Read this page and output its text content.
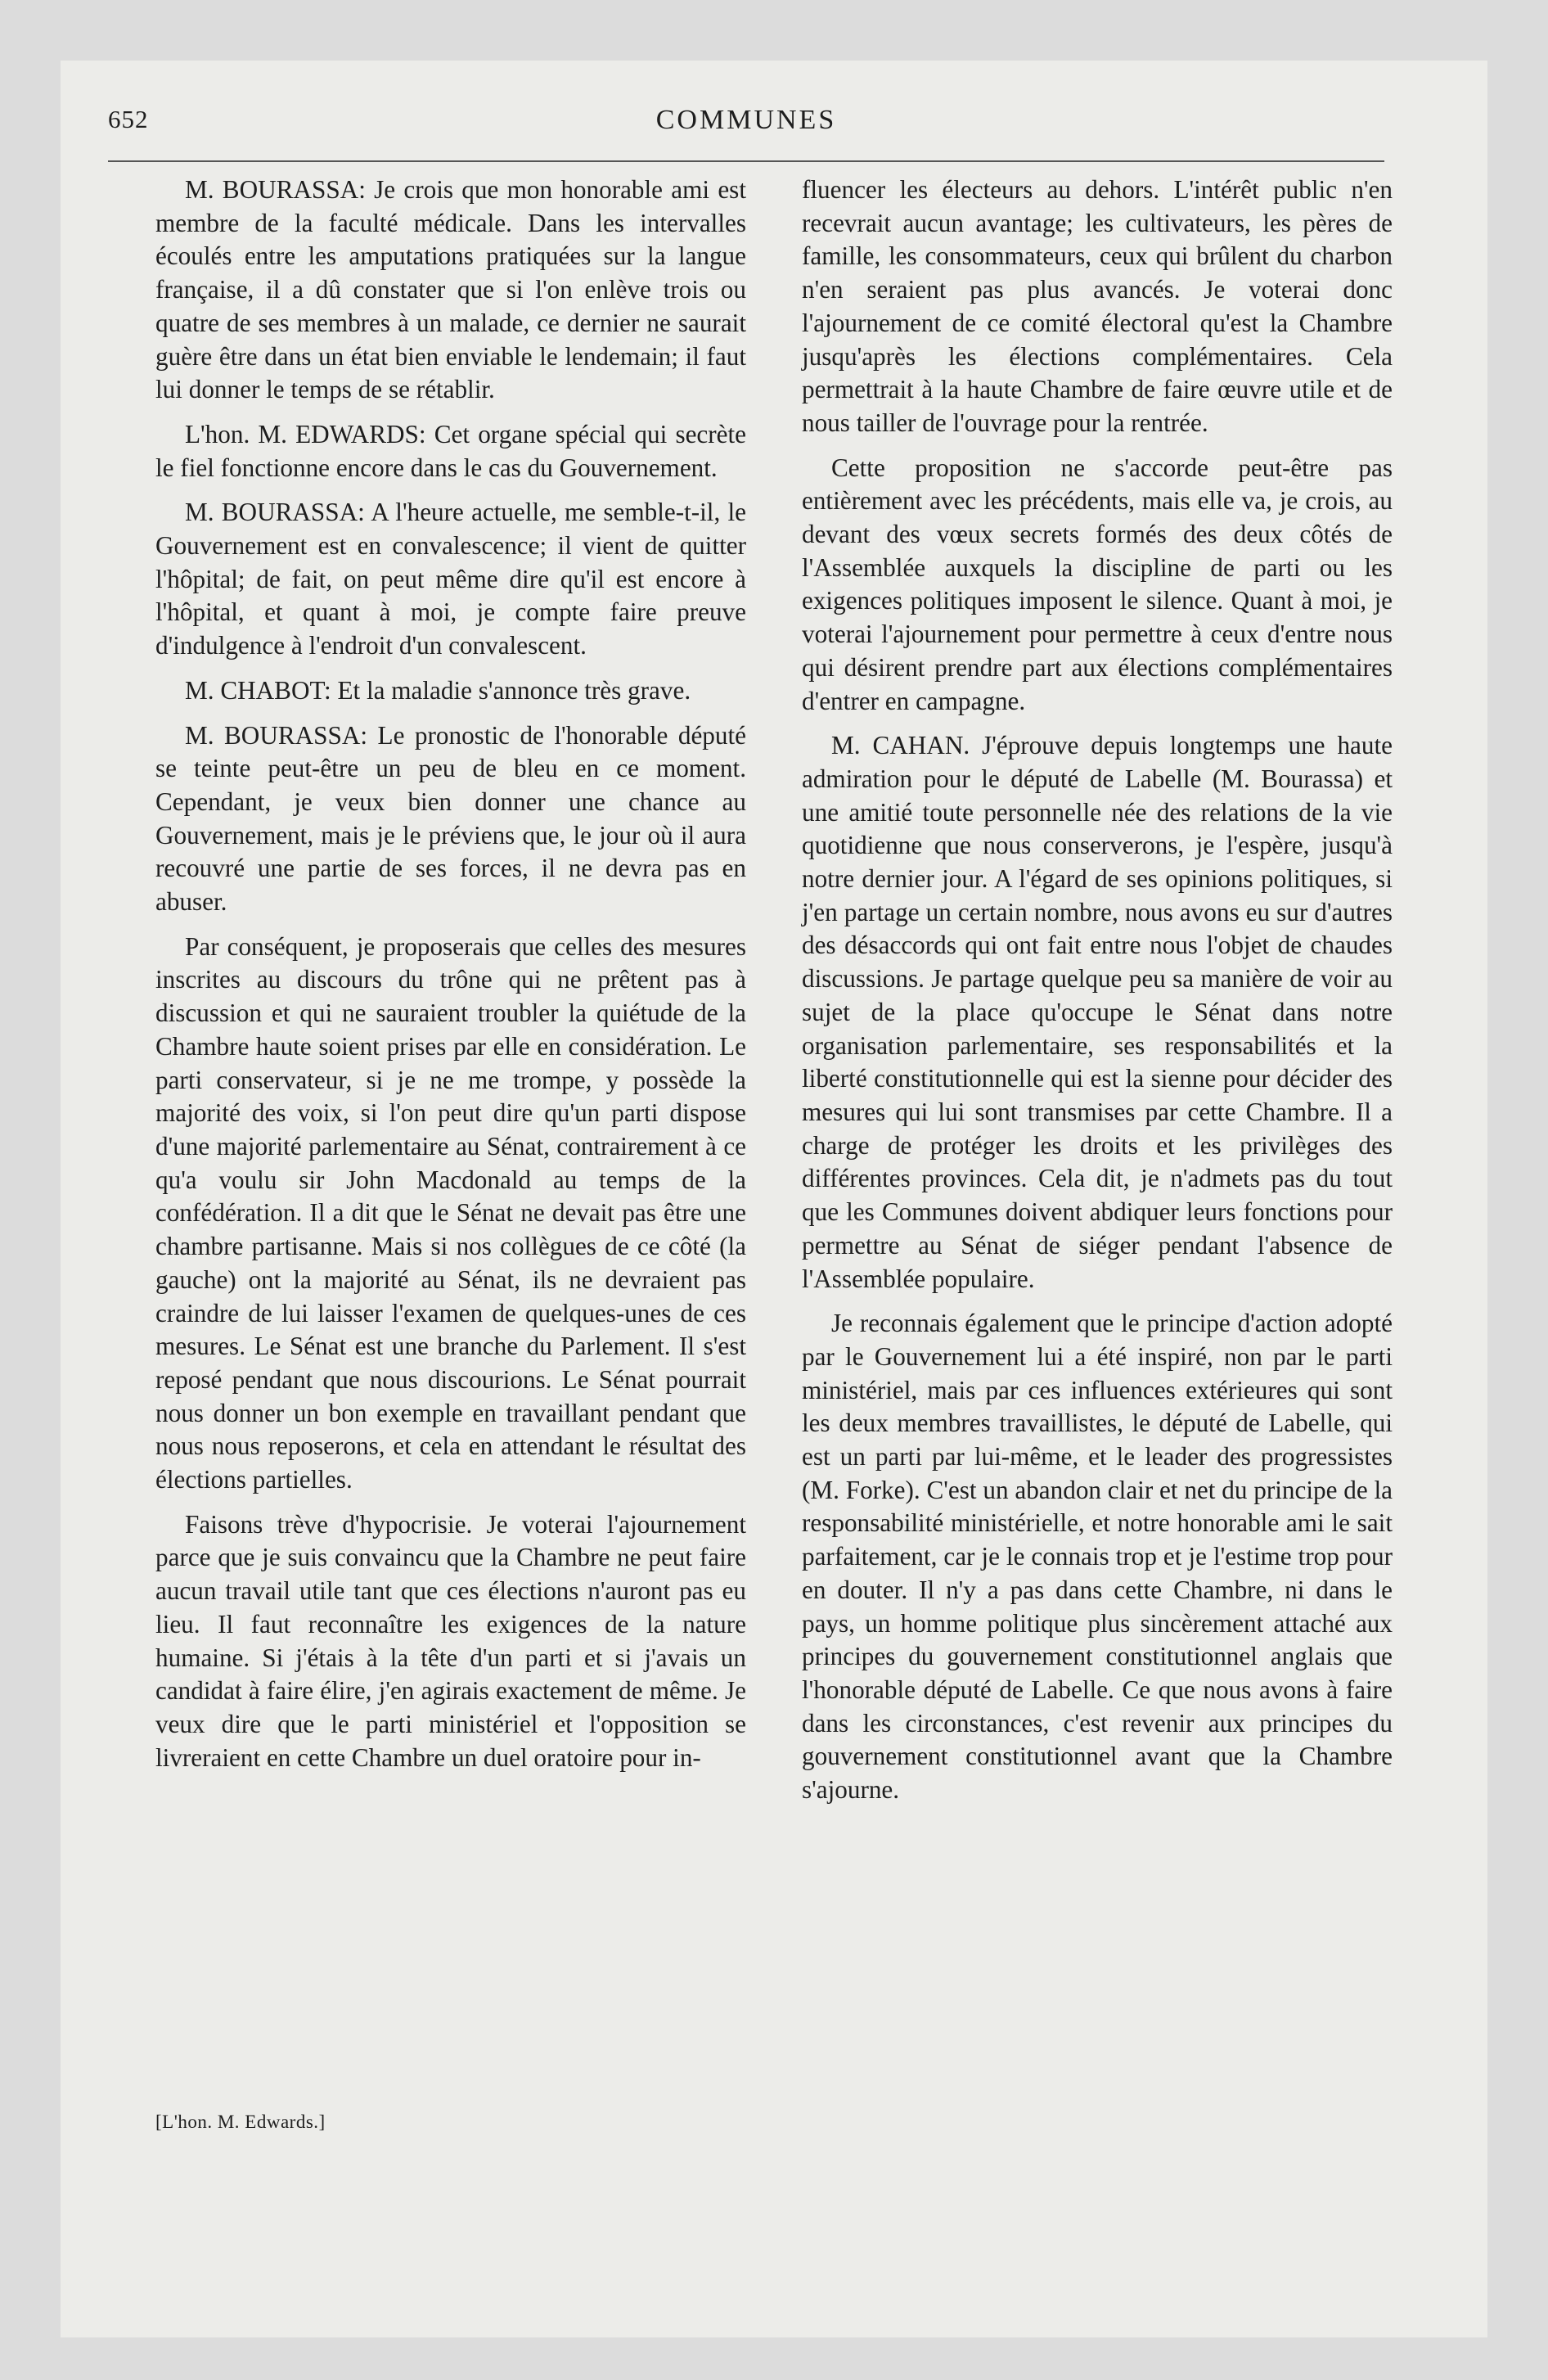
652	COMMUNES

M. BOURASSA: Je crois que mon honorable ami est membre de la faculté médicale. Dans les intervalles écoulés entre les amputations pratiquées sur la langue française, il a dû constater que si l'on enlève trois ou quatre de ses membres à un malade, ce dernier ne saurait guère être dans un état bien enviable le lendemain; il faut lui donner le temps de se rétablir.

L'hon. M. EDWARDS: Cet organe spécial qui secrète le fiel fonctionne encore dans le cas du Gouvernement.

M. BOURASSA: A l'heure actuelle, me semble-t-il, le Gouvernement est en convalescence; il vient de quitter l'hôpital; de fait, on peut même dire qu'il est encore à l'hôpital, et quant à moi, je compte faire preuve d'indulgence à l'endroit d'un convalescent.

M. CHABOT: Et la maladie s'annonce très grave.

M. BOURASSA: Le pronostic de l'honorable député se teinte peut-être un peu de bleu en ce moment. Cependant, je veux bien donner une chance au Gouvernement, mais je le préviens que, le jour où il aura recouvré une partie de ses forces, il ne devra pas en abuser.

Par conséquent, je proposerais que celles des mesures inscrites au discours du trône qui ne prêtent pas à discussion et qui ne sauraient troubler la quiétude de la Chambre haute soient prises par elle en considération. Le parti conservateur, si je ne me trompe, y possède la majorité des voix, si l'on peut dire qu'un parti dispose d'une majorité parlementaire au Sénat, contrairement à ce qu'a voulu sir John Macdonald au temps de la confédération. Il a dit que le Sénat ne devait pas être une chambre partisanne. Mais si nos collègues de ce côté (la gauche) ont la majorité au Sénat, ils ne devraient pas craindre de lui laisser l'examen de quelques-unes de ces mesures. Le Sénat est une branche du Parlement. Il s'est reposé pendant que nous discourions. Le Sénat pourrait nous donner un bon exemple en travaillant pendant que nous nous reposerons, et cela en attendant le résultat des élections partielles.

Faisons trève d'hypocrisie. Je voterai l'ajournement parce que je suis convaincu que la Chambre ne peut faire aucun travail utile tant que ces élections n'auront pas eu lieu. Il faut reconnaître les exigences de la nature humaine. Si j'étais à la tête d'un parti et si j'avais un candidat à faire élire, j'en agirais exactement de même. Je veux dire que le parti ministériel et l'opposition se livreraient en cette Chambre un duel oratoire pour in-

[L'hon. M. Edwards.]

fluencer les électeurs au dehors. L'intérêt public n'en recevrait aucun avantage; les cultivateurs, les pères de famille, les consommateurs, ceux qui brûlent du charbon n'en seraient pas plus avancés. Je voterai donc l'ajournement de ce comité électoral qu'est la Chambre jusqu'après les élections complémentaires. Cela permettrait à la haute Chambre de faire œuvre utile et de nous tailler de l'ouvrage pour la rentrée.

Cette proposition ne s'accorde peut-être pas entièrement avec les précédents, mais elle va, je crois, au devant des vœux secrets formés des deux côtés de l'Assemblée auxquels la discipline de parti ou les exigences politiques imposent le silence. Quant à moi, je voterai l'ajournement pour permettre à ceux d'entre nous qui désirent prendre part aux élections complémentaires d'entrer en campagne.

M. CAHAN. J'éprouve depuis longtemps une haute admiration pour le député de Labelle (M. Bourassa) et une amitié toute personnelle née des relations de la vie quotidienne que nous conserverons, je l'espère, jusqu'à notre dernier jour. A l'égard de ses opinions politiques, si j'en partage un certain nombre, nous avons eu sur d'autres des désaccords qui ont fait entre nous l'objet de chaudes discussions. Je partage quelque peu sa manière de voir au sujet de la place qu'occupe le Sénat dans notre organisation parlementaire, ses responsabilités et la liberté constitutionnelle qui est la sienne pour décider des mesures qui lui sont transmises par cette Chambre. Il a charge de protéger les droits et les privilèges des différentes provinces. Cela dit, je n'admets pas du tout que les Communes doivent abdiquer leurs fonctions pour permettre au Sénat de siéger pendant l'absence de l'Assemblée populaire.

Je reconnais également que le principe d'action adopté par le Gouvernement lui a été inspiré, non par le parti ministériel, mais par ces influences extérieures qui sont les deux membres travaillistes, le député de Labelle, qui est un parti par lui-même, et le leader des progressistes (M. Forke). C'est un abandon clair et net du principe de la responsabilité ministérielle, et notre honorable ami le sait parfaitement, car je le connais trop et je l'estime trop pour en douter. Il n'y a pas dans cette Chambre, ni dans le pays, un homme politique plus sincèrement attaché aux principes du gouvernement constitutionnel anglais que l'honorable député de Labelle. Ce que nous avons à faire dans les circonstances, c'est revenir aux principes du gouvernement constitutionnel avant que la Chambre s'ajourne.
